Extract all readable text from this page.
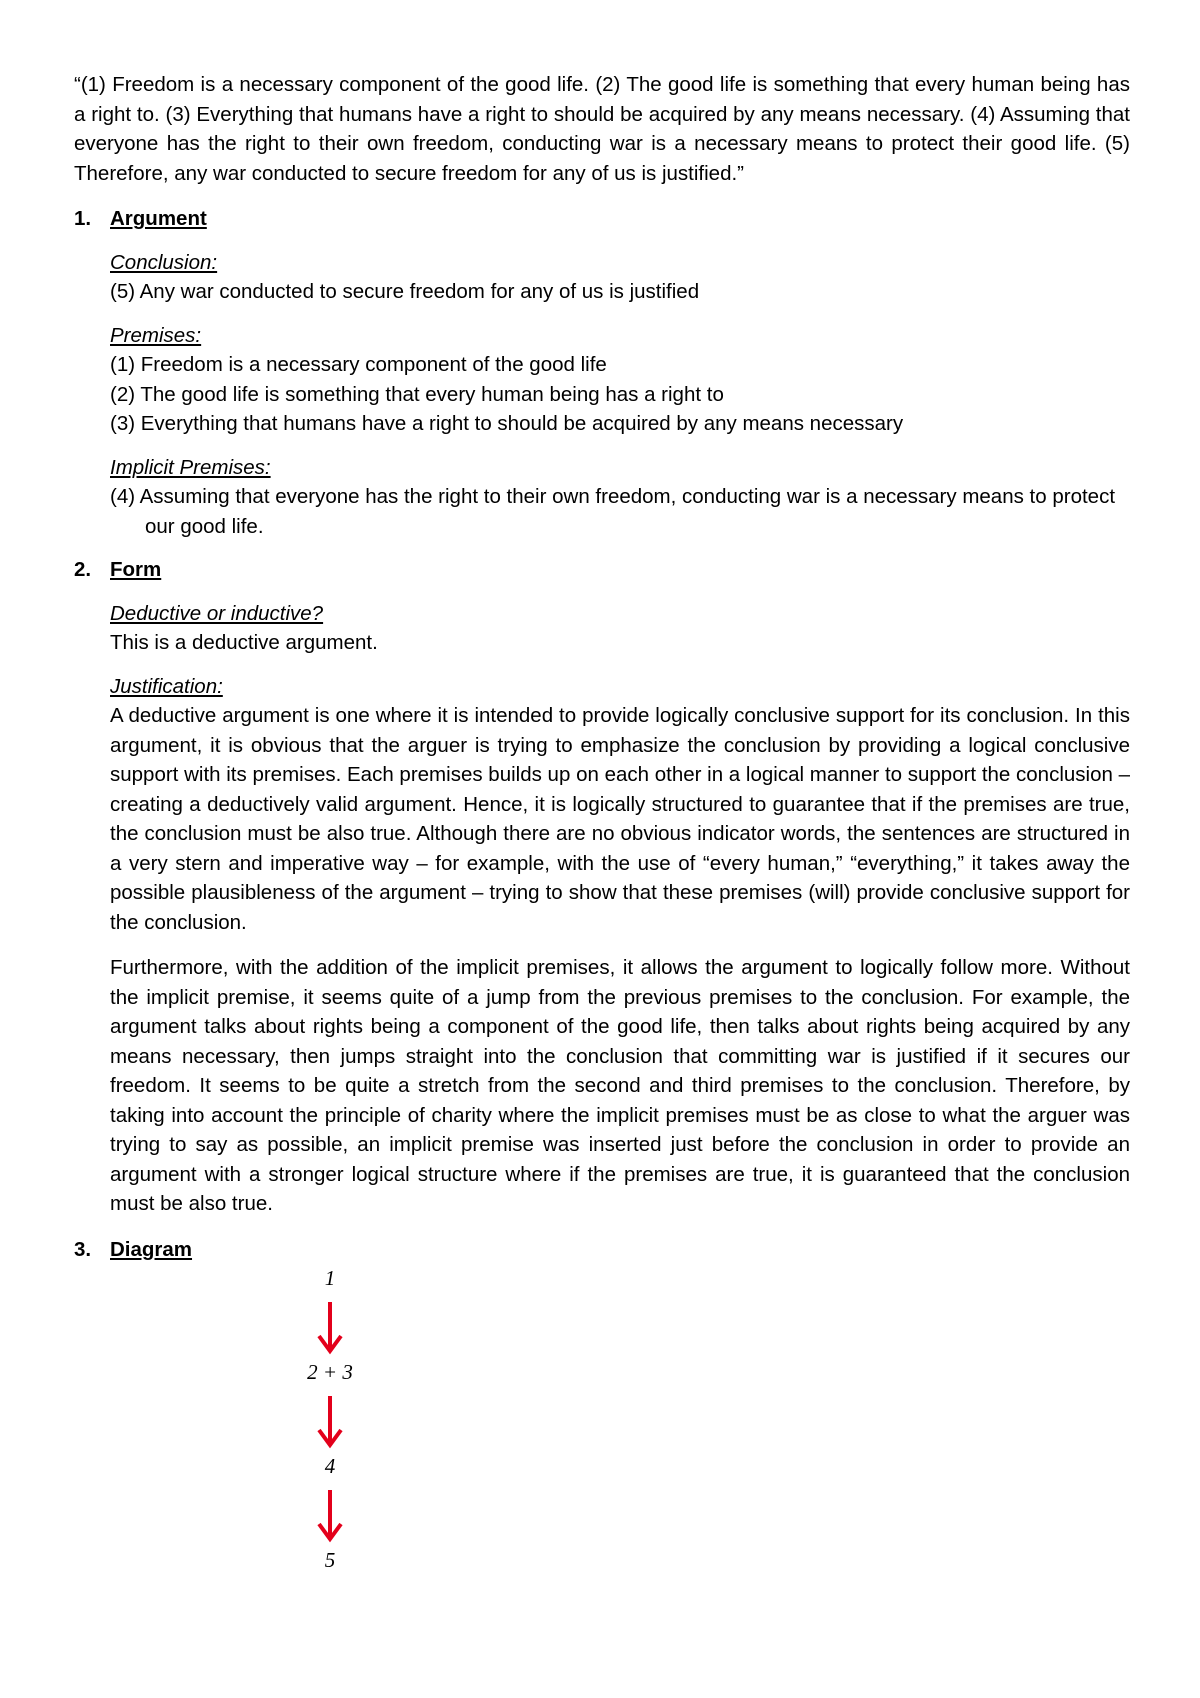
“(1) Freedom is a necessary component of the good life. (2) The good life is something that every human being has a right to. (3) Everything that humans have a right to should be acquired by any means necessary. (4) Assuming that everyone has the right to their own freedom, conducting war is a necessary means to protect their good life. (5) Therefore, any war conducted to secure freedom for any of us is justified.”

1. Argument

Conclusion:

(5) Any war conducted to secure freedom for any of us is justified

Premises:

(1) Freedom is a necessary component of the good life

(2) The good life is something that every human being has a right to

(3) Everything that humans have a right to should be acquired by any means necessary

Implicit Premises:

(4) Assuming that everyone has the right to their own freedom, conducting war is a necessary means to protect our good life.

2. Form

Deductive or inductive?

This is a deductive argument.

Justification:

A deductive argument is one where it is intended to provide logically conclusive support for its conclusion. In this argument, it is obvious that the arguer is trying to emphasize the conclusion by providing a logical conclusive support with its premises. Each premises builds up on each other in a logical manner to support the conclusion – creating a deductively valid argument. Hence, it is logically structured to guarantee that if the premises are true, the conclusion must be also true. Although there are no obvious indicator words, the sentences are structured in a very stern and imperative way – for example, with the use of “every human,” “everything,” it takes away the possible plausibleness of the argument – trying to show that these premises (will) provide conclusive support for the conclusion.

Furthermore, with the addition of the implicit premises, it allows the argument to logically follow more. Without the implicit premise, it seems quite of a jump from the previous premises to the conclusion. For example, the argument talks about rights being a component of the good life, then talks about rights being acquired by any means necessary, then jumps straight into the conclusion that committing war is justified if it secures our freedom. It seems to be quite a stretch from the second and third premises to the conclusion. Therefore, by taking into account the principle of charity where the implicit premises must be as close to what the arguer was trying to say as possible, an implicit premise was inserted just before the conclusion in order to provide an argument with a stronger logical structure where if the premises are true, it is guaranteed that the conclusion must be also true.

3. Diagram
1
2 + 3
4
5
